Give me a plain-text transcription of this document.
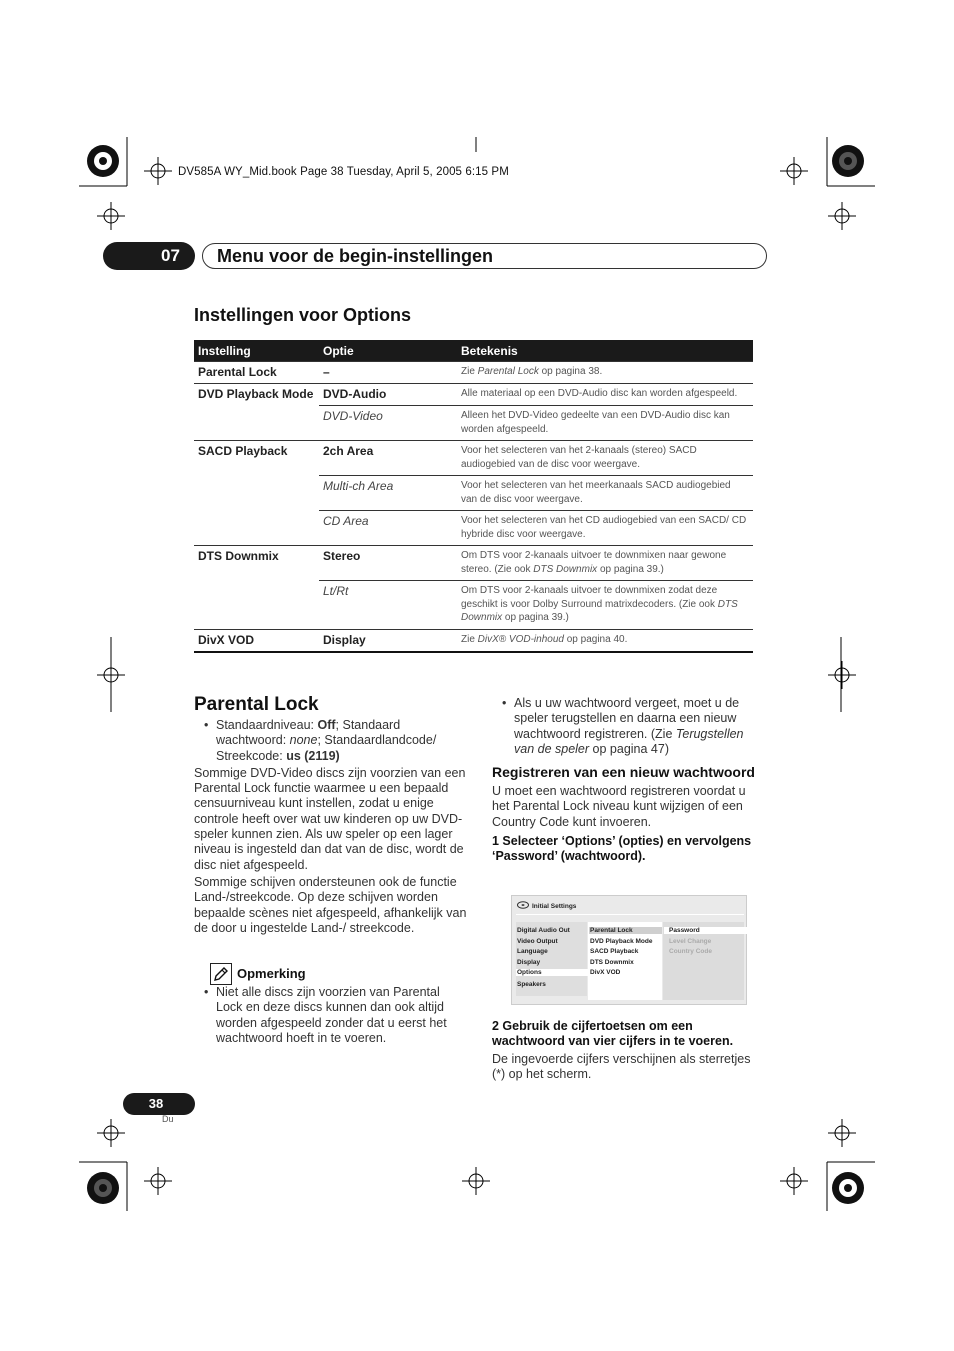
DV585A WY_Mid.book Page 38 Tuesday, April 5, 2005 6:15 PM
07	Menu voor de begin-instellingen
Instellingen voor Options
Instelling	Optie	Betekenis
Parental Lock	–	Zie Parental Lock op pagina 38.
DVD Playback Mode	DVD-Audio	Alle materiaal op een DVD-Audio disc kan worden afgespeeld.
	DVD-Video	Alleen het DVD-Video gedeelte van een DVD-Audio disc kan worden afgespeeld.
SACD Playback	2ch Area	Voor het selecteren van het 2-kanaals (stereo) SACD audiogebied van de disc voor weergave.
	Multi-ch Area	Voor het selecteren van het meerkanaals SACD audiogebied van de disc voor weergave.
	CD Area	Voor het selecteren van het CD audiogebied van een SACD/ CD hybride disc voor weergave.
DTS Downmix	Stereo	Om DTS voor 2-kanaals uitvoer te downmixen naar gewone stereo. (Zie ook DTS Downmix op pagina 39.)
	Lt/Rt	Om DTS voor 2-kanaals uitvoer te downmixen zodat deze geschikt is voor Dolby Surround matrixdecoders. (Zie ook DTS Downmix op pagina 39.)
DivX VOD	Display	Zie DivX® VOD-inhoud op pagina 40.
Parental Lock

• Standaardniveau: Off; Standaard wachtwoord: none; Standaardlandcode/ Streekcode: us (2119)

Sommige DVD-Video discs zijn voorzien van een Parental Lock functie waarmee u een bepaald censuurniveau kunt instellen, zodat u enige controle heeft over wat uw kinderen op uw DVD-speler kunnen zien. Als uw speler op een lager niveau is ingesteld dan dat van de disc, wordt de disc niet afgespeeld.

Sommige schijven ondersteunen ook de functie Land-/streekcode. Op deze schijven worden bepaalde scènes niet afgespeeld, afhankelijk van de door u ingestelde Land-/ streekcode.

Opmerking

• Niet alle discs zijn voorzien van Parental Lock en deze discs kunnen dan ook altijd worden afgespeeld zonder dat u eerst het wachtwoord hoeft in te voeren.

• Als u uw wachtwoord vergeet, moet u de speler terugstellen en daarna een nieuw wachtwoord registreren. (Zie Terugstellen van de speler op pagina 47)

Registreren van een nieuw wachtwoord

U moet een wachtwoord registreren voordat u het Parental Lock niveau kunt wijzigen of een Country Code kunt invoeren.

1 Selecteer ‘Options’ (opties) en vervolgens ‘Password’ (wachtwoord).

Initial Settings
Digital Audio Out
Video Output
Language
Display
Options
Speakers
Parental Lock
DVD Playback Mode
SACD Playback
DTS Downmix
DivX VOD
Password
Level Change
Country Code

2 Gebruik de cijfertoetsen om een wachtwoord van vier cijfers in te voeren.

De ingevoerde cijfers verschijnen als sterretjes (*) op het scherm.

38
Du
